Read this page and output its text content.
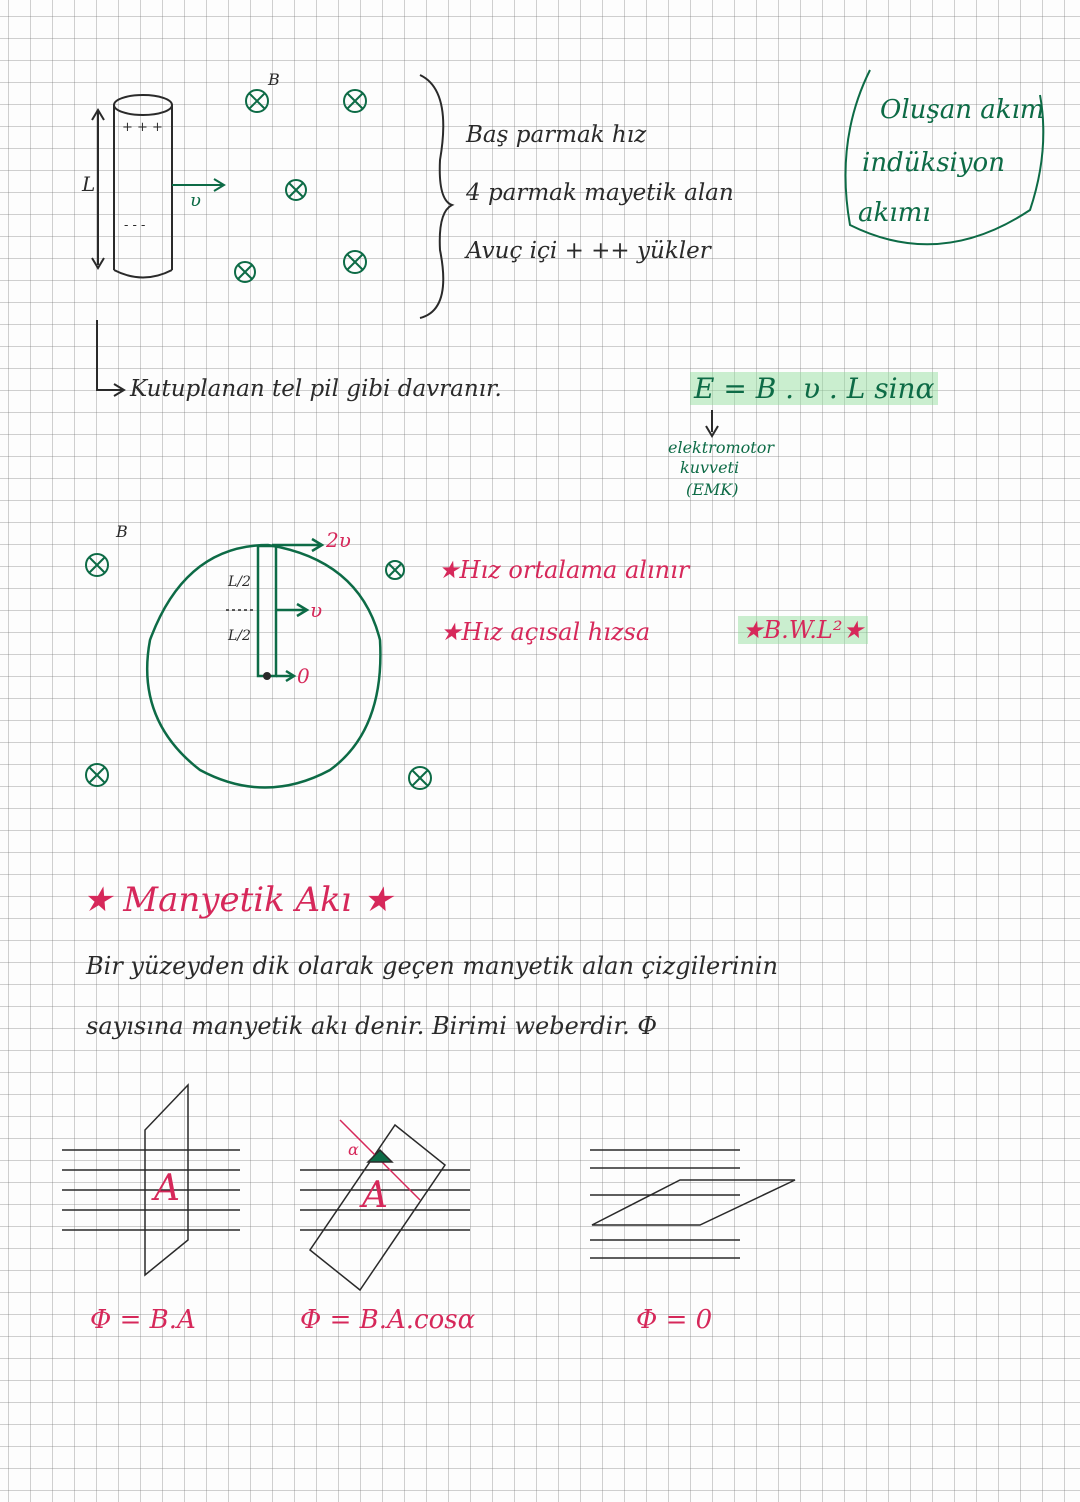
+ + +
- - -
L
υ
B
Baş parmak hız
4 parmak mayetik alan
Avuç içi + ++ yükler
Oluşan akım
indüksiyon
akımı
Kutuplanan tel pil gibi davranır.	E = B . υ . L sinα
elektromotor
kuvveti
(EMK)
2υ
υ
0
L/2
L/2
B
★Hız ortalama alınır
★Hız açısal hızsa	★B.W.L²★
★ Manyetik Akı ★
Bir yüzeyden dik olarak geçen manyetik alan çizgilerinin
sayısına manyetik akı denir. Birimi weberdir. Φ
A	A
α
Φ = B.A	Φ = B.A.cosα	Φ = 0
